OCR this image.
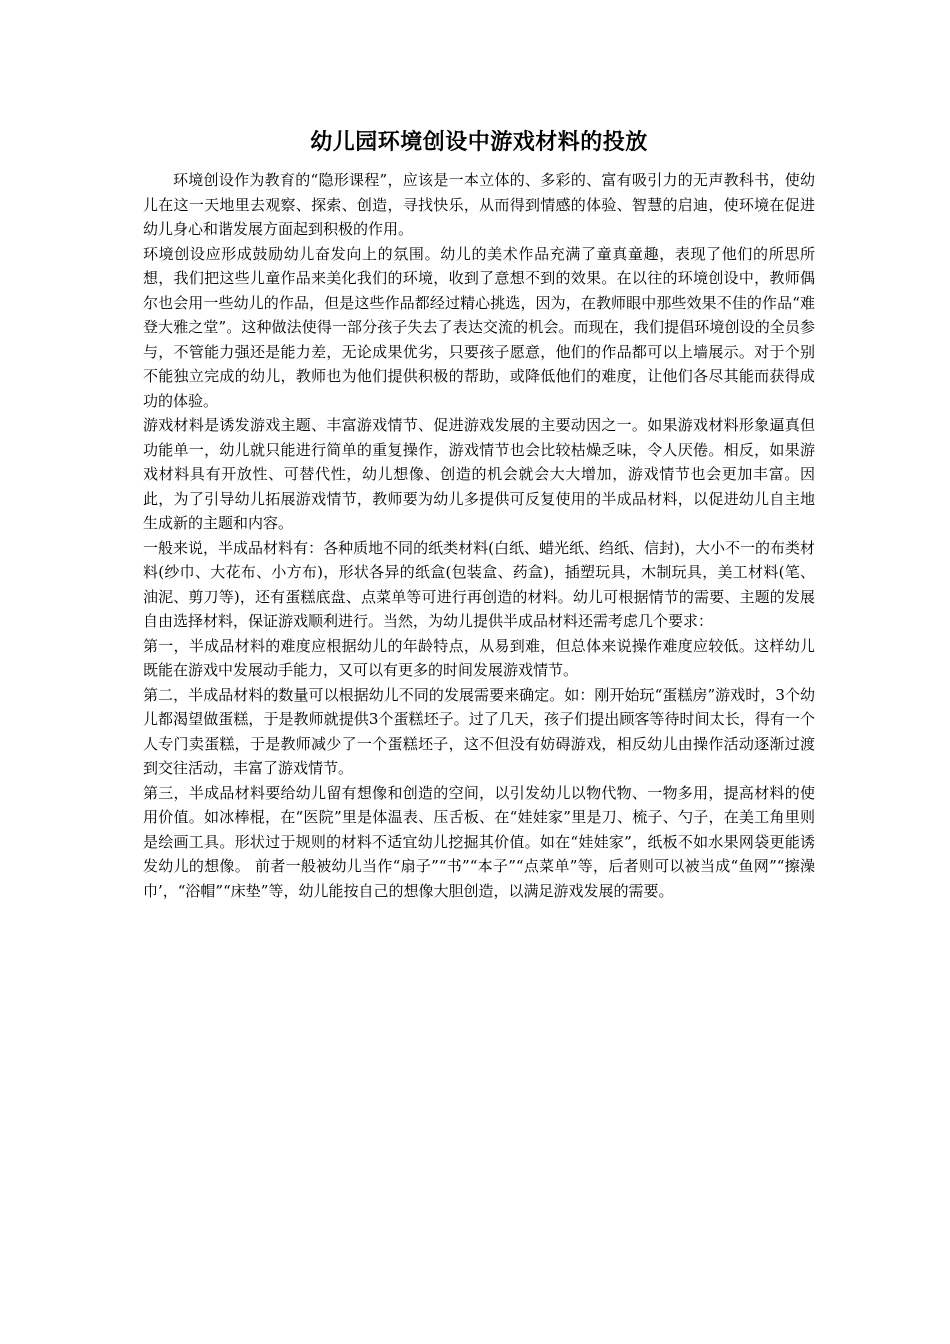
幼儿园环境创设中游戏材料的投放

环境创设作为教育的“隐形课程”，应该是一本立体的、多彩的、富有吸引力的无声教科书，使幼儿在这一天地里去观察、探索、创造，寻找快乐，从而得到情感的体验、智慧的启迪，使环境在促进幼儿身心和谐发展方面起到积极的作用。

环境创设应形成鼓励幼儿奋发向上的氛围。幼儿的美术作品充满了童真童趣，表现了他们的所思所想，我们把这些儿童作品来美化我们的环境，收到了意想不到的效果。在以往的环境创设中，教师偶尔也会用一些幼儿的作品，但是这些作品都经过精心挑选，因为，在教师眼中那些效果不佳的作品“难登大雅之堂”。这种做法使得一部分孩子失去了表达交流的机会。而现在，我们提倡环境创设的全员参与，不管能力强还是能力差，无论成果优劣，只要孩子愿意，他们的作品都可以上墙展示。对于个别不能独立完成的幼儿，教师也为他们提供积极的帮助，或降低他们的难度，让他们各尽其能而获得成功的体验。

游戏材料是诱发游戏主题、丰富游戏情节、促进游戏发展的主要动因之一。如果游戏材料形象逼真但功能单一，幼儿就只能进行简单的重复操作，游戏情节也会比较枯燥乏味，令人厌倦。相反，如果游戏材料具有开放性、可替代性，幼儿想像、创造的机会就会大大增加，游戏情节也会更加丰富。因此，为了引导幼儿拓展游戏情节，教师要为幼儿多提供可反复使用的半成品材料，以促进幼儿自主地生成新的主题和内容。

一般来说，半成品材料有：各种质地不同的纸类材料(白纸、蜡光纸、绉纸、信封)，大小不一的布类材料(纱巾、大花布、小方布)，形状各异的纸盒(包装盒、药盒)，插塑玩具，木制玩具，美工材料(笔、油泥、剪刀等)，还有蛋糕底盘、点菜单等可进行再创造的材料。幼儿可根据情节的需要、主题的发展自由选择材料，保证游戏顺利进行。当然，为幼儿提供半成品材料还需考虑几个要求：

第一，半成品材料的难度应根据幼儿的年龄特点，从易到难，但总体来说操作难度应较低。这样幼儿既能在游戏中发展动手能力，又可以有更多的时间发展游戏情节。

第二，半成品材料的数量可以根据幼儿不同的发展需要来确定。如：刚开始玩“蛋糕房”游戏时，3个幼儿都渴望做蛋糕，于是教师就提供3个蛋糕坯子。过了几天，孩子们提出顾客等待时间太长，得有一个人专门卖蛋糕，于是教师减少了一个蛋糕坯子，这不但没有妨碍游戏，相反幼儿由操作活动逐渐过渡到交往活动，丰富了游戏情节。

第三，半成品材料要给幼儿留有想像和创造的空间，以引发幼儿以物代物、一物多用，提高材料的使用价值。如冰棒棍，在“医院”里是体温表、压舌板、在“娃娃家”里是刀、梳子、勺子，在美工角里则是绘画工具。形状过于规则的材料不适宜幼儿挖掘其价值。如在“娃娃家”，纸板不如水果网袋更能诱发幼儿的想像。 前者一般被幼儿当作“扇子”“书”“本子”“点菜单”等，后者则可以被当成“鱼网”“擦澡巾’，“浴帽”“床垫”等，幼儿能按自己的想像大胆创造，以满足游戏发展的需要。
